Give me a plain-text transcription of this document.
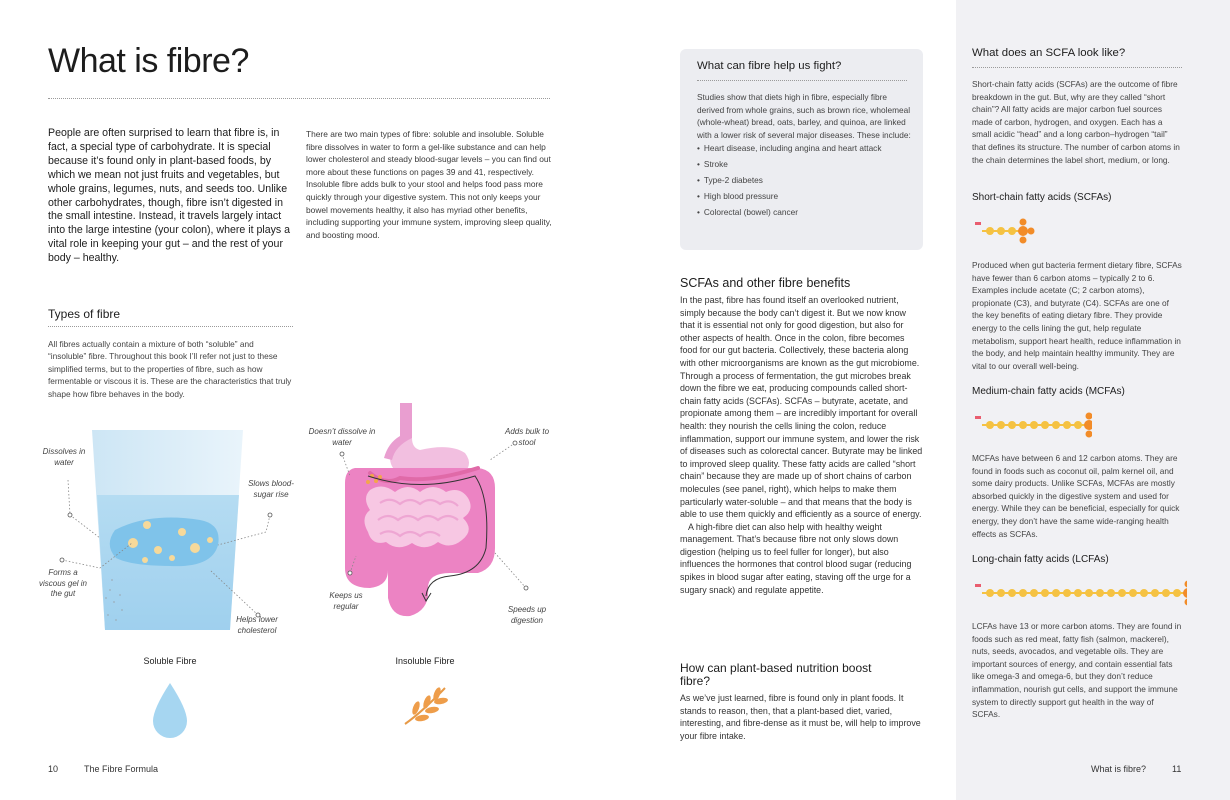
What is fibre?
People are often surprised to learn that fibre is, in fact, a special type of carbohydrate. It is special because it’s found only in plant-based foods, by which we mean not just fruits and vegetables, but whole grains, legumes, nuts, and seeds too. Unlike other carbohydrates, though, fibre isn’t digested in the small intestine. Instead, it travels largely intact into the large intestine (your colon), where it plays a vital role in keeping your gut – and the rest of your body – healthy.
There are two main types of fibre: soluble and insoluble. Soluble fibre dissolves in water to form a gel-like substance and can help lower cholesterol and steady blood-sugar levels – you can find out more about these functions on pages 39 and 41, respectively. Insoluble fibre adds bulk to your stool and helps food pass more quickly through your digestive system. This not only keeps your bowel movements healthy, it also has myriad other benefits, including supporting your immune system, improving sleep quality, and boosting mood.
Types of fibre
All fibres actually contain a mixture of both “soluble” and “insoluble” fibre. Throughout this book I’ll refer not just to these simplified terms, but to the properties of fibre, such as how fermentable or viscous it is. These are the characteristics that truly shape how fibre behaves in the body.
Dissolves in water
Slows blood-sugar rise
Forms a viscous gel in the gut
Helps lower cholesterol
Soluble Fibre
Doesn’t dissolve in water
Adds bulk to stool
Keeps us regular	Speeds up digestion
Insoluble Fibre
10	The Fibre Formula
What can fibre help us fight?
Studies show that diets high in fibre, especially fibre derived from whole grains, such as brown rice, wholemeal (whole-wheat) bread, oats, barley, and quinoa, are linked with a lower risk of several major diseases. These include:
• Heart disease, including angina and heart attack
• Stroke
• Type-2 diabetes
• High blood pressure
• Colorectal (bowel) cancer
SCFAs and other fibre benefits

In the past, fibre has found itself an overlooked nutrient, simply because the body can’t digest it. But we now know that it is essential not only for good digestion, but also for other aspects of health. Once in the colon, fibre becomes food for our gut bacteria. Collectively, these bacteria along with other microorganisms are known as the gut microbiome. Through a process of fermentation, the gut microbes break down the fibre we eat, producing compounds called short-chain fatty acids (SCFAs). SCFAs – butyrate, acetate, and propionate among them – are incredibly important for overall health: they nourish the cells lining the colon, reduce inflammation, support our immune system, and lower the risk of diseases such as colorectal cancer. Butyrate may be linked to improved sleep quality. These fatty acids are called “short chain” because they are made up of short chains of carbon molecules (see panel, right), which helps to make them particularly water-soluble – and that means that the body is able to use them quickly and efficiently as a source of energy.

A high-fibre diet can also help with healthy weight management. That’s because fibre not only slows down digestion (helping us to feel fuller for longer), but also influences the hormones that control blood sugar (reducing spikes in blood sugar after eating, staving off the urge for a sugary snack) and regulate appetite.

How can plant-based nutrition boost fibre?
As we’ve just learned, fibre is found only in plant foods. It stands to reason, then, that a plant-based diet, varied, interesting, and fibre-dense as it must be, will help to improve your fibre intake.
What does an SCFA look like?
Short-chain fatty acids (SCFAs) are the outcome of fibre breakdown in the gut. But, why are they called “short chain”? All fatty acids are major carbon fuel sources made of carbon, hydrogen, and oxygen. Each has a small acidic “head” and a long carbon–hydrogen “tail” that defines its structure. The number of carbon atoms in the chain determines the label short, medium, or long.
Short-chain fatty acids (SCFAs)
Produced when gut bacteria ferment dietary fibre, SCFAs have fewer than 6 carbon atoms – typically 2 to 6. Examples include acetate (C; 2 carbon atoms), propionate (C3), and butyrate (C4). SCFAs are one of the key benefits of eating dietary fibre. They provide energy to the cells lining the gut, help regulate metabolism, support heart health, reduce inflammation in the body, and help maintain healthy immunity. They are vital to our overall well-being.
Medium-chain fatty acids (MCFAs)
MCFAs have between 6 and 12 carbon atoms. They are found in foods such as coconut oil, palm kernel oil, and some dairy products. Unlike SCFAs, MCFAs are mostly absorbed quickly in the digestive system and used for energy. While they can be beneficial, especially for quick energy, they don’t have the same wide-ranging health effects as SCFAs.
Long-chain fatty acids (LCFAs)
LCFAs have 13 or more carbon atoms. They are found in foods such as red meat, fatty fish (salmon, mackerel), nuts, seeds, avocados, and vegetable oils. They are important sources of energy, and contain essential fats like omega-3 and omega-6, but they don’t reduce inflammation, nourish gut cells, and support the immune system to directly support gut health in the way of SCFAs.
What is fibre?	11
